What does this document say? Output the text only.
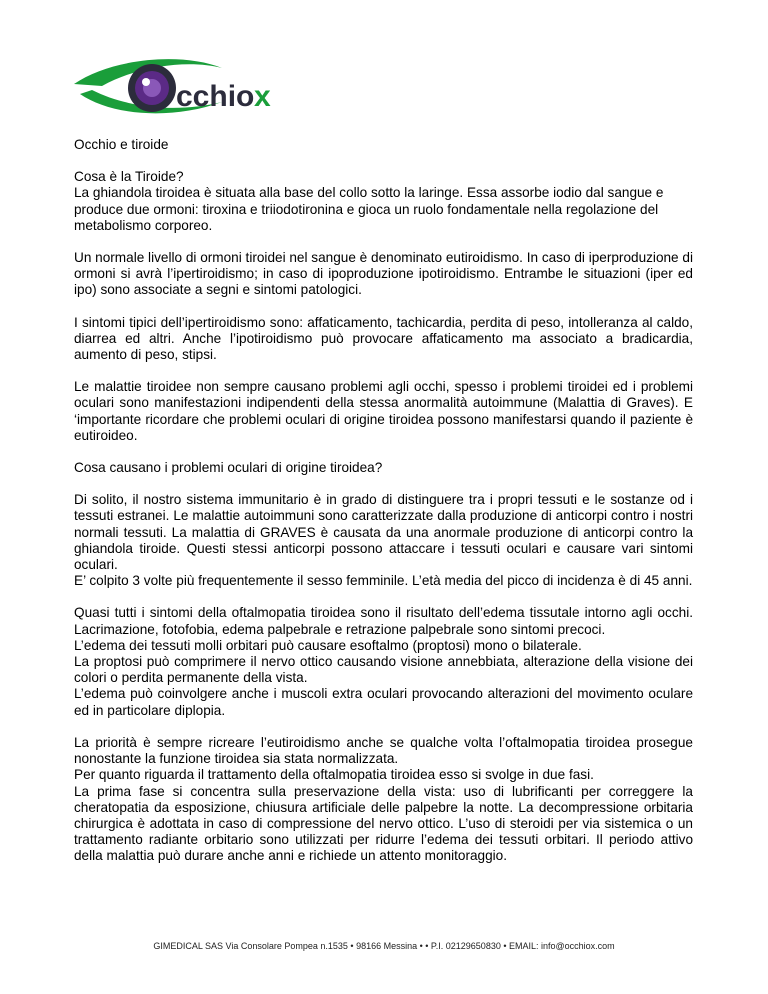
cchio x

Occhio e tiroide

Cosa è la Tiroide?
La ghiandola tiroidea è situata alla base del collo sotto la laringe. Essa assorbe iodio dal sangue e produce due ormoni: tiroxina e triiodotironina e gioca un ruolo fondamentale nella regolazione del metabolismo corporeo.

Un normale livello di ormoni tiroidei nel sangue è denominato eutiroidismo. In caso di iperproduzione di ormoni si avrà l’ipertiroidismo; in caso di ipoproduzione ipotiroidismo. Entrambe le situazioni (iper ed ipo) sono associate a segni e sintomi patologici.

I sintomi tipici dell’ipertiroidismo sono: affaticamento, tachicardia, perdita di peso, intolleranza al caldo, diarrea ed altri. Anche l’ipotiroidismo può provocare affaticamento ma associato a bradicardia, aumento di peso, stipsi.

Le malattie tiroidee non sempre causano problemi agli occhi, spesso i problemi tiroidei ed i problemi oculari sono manifestazioni indipendenti della stessa anormalità autoimmune (Malattia di Graves). E ‘importante ricordare che problemi oculari di origine tiroidea possono manifestarsi quando il paziente è eutiroideo.

Cosa causano i problemi oculari di origine tiroidea?

Di solito, il nostro sistema immunitario è in grado di distinguere tra i propri tessuti e le sostanze od i tessuti estranei. Le malattie autoimmuni sono caratterizzate dalla produzione di anticorpi contro i nostri normali tessuti. La malattia di GRAVES è causata da una anormale produzione di anticorpi contro la ghiandola tiroide. Questi stessi anticorpi possono attaccare i tessuti oculari e causare vari sintomi oculari.
E’ colpito 3 volte più frequentemente il sesso femminile. L’età media del picco di incidenza è di 45 anni.

Quasi tutti i sintomi della oftalmopatia tiroidea sono il risultato dell’edema tissutale intorno agli occhi. Lacrimazione, fotofobia, edema palpebrale e retrazione palpebrale sono sintomi precoci.
L’edema dei tessuti molli orbitari può causare esoftalmo (proptosi) mono o bilaterale.
La proptosi può comprimere il nervo ottico causando visione annebbiata, alterazione della visione dei colori o perdita permanente della vista.
L’edema può coinvolgere anche i muscoli extra oculari provocando alterazioni del movimento oculare ed in particolare diplopia.

La priorità è sempre ricreare l’eutiroidismo anche se qualche volta l’oftalmopatia tiroidea prosegue nonostante la funzione tiroidea sia stata normalizzata.
Per quanto riguarda il trattamento della oftalmopatia tiroidea esso si svolge in due fasi.
La prima fase si concentra sulla preservazione della vista: uso di lubrificanti per correggere la cheratopatia da esposizione, chiusura artificiale delle palpebre la notte. La decompressione orbitaria chirurgica è adottata in caso di compressione del nervo ottico. L’uso di steroidi per via sistemica o un trattamento radiante orbitario sono utilizzati per ridurre l’edema dei tessuti orbitari. Il periodo attivo della malattia può durare anche anni e richiede un attento monitoraggio.

GIMEDICAL SAS Via Consolare Pompea n.1535 • 98166 Messina • • P.I. 02129650830 • EMAIL: info@occhiox.com
